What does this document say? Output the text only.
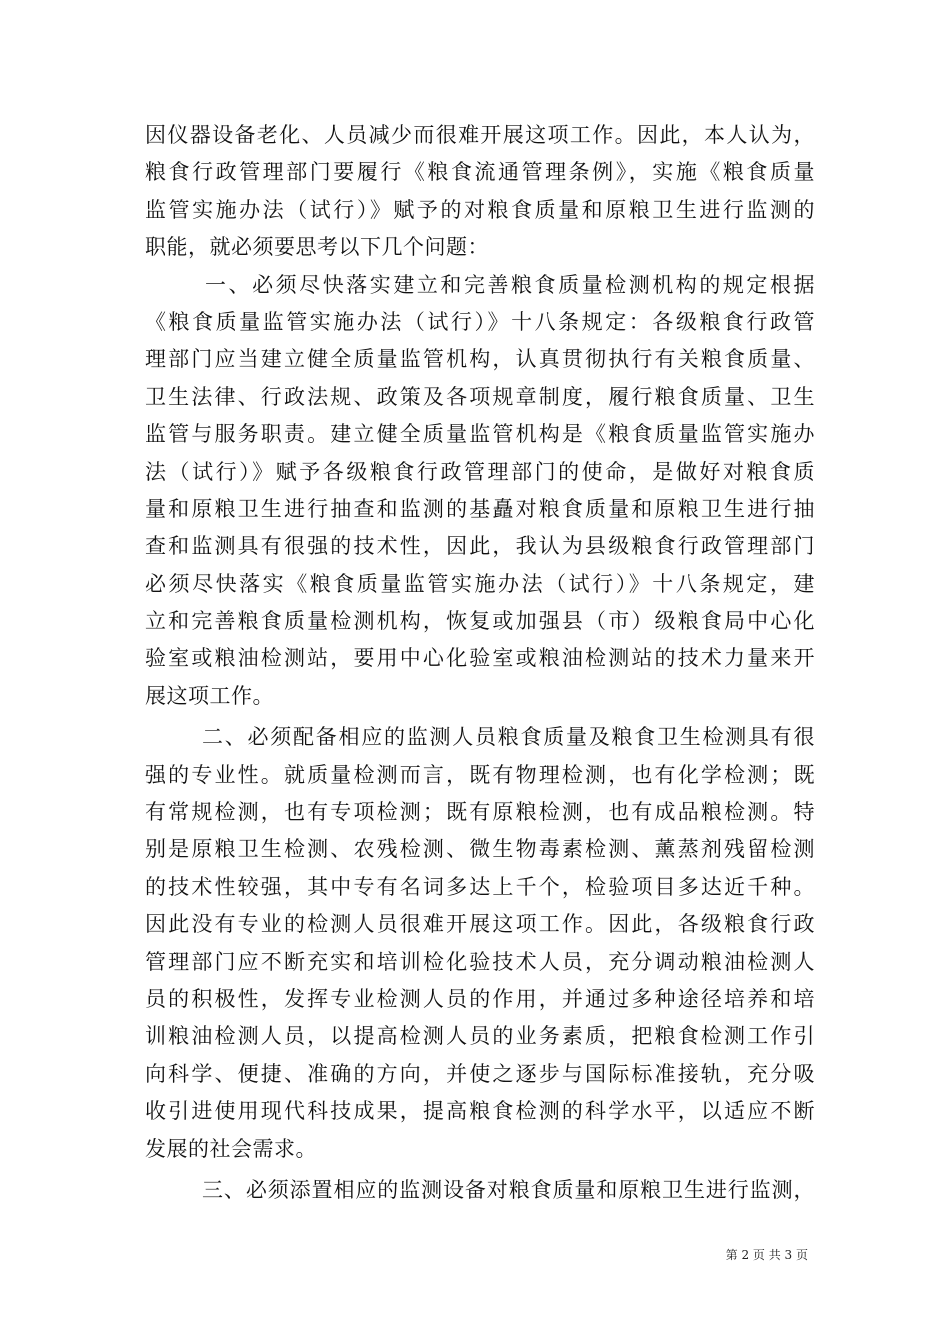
因仪器设备老化、人员减少而很难开展这项工作。因此，本人认为，
粮食行政管理部门要履行《粮食流通管理条例》，实施《粮食质量
监管实施办法（试行）》赋予的对粮食质量和原粮卫生进行监测的
职能，就必须要思考以下几个问题：
一、必须尽快落实建立和完善粮食质量检测机构的规定根据
《粮食质量监管实施办法（试行）》十八条规定：各级粮食行政管
理部门应当建立健全质量监管机构，认真贯彻执行有关粮食质量、
卫生法律、行政法规、政策及各项规章制度，履行粮食质量、卫生
监管与服务职责。建立健全质量监管机构是《粮食质量监管实施办
法（试行）》赋予各级粮食行政管理部门的使命，是做好对粮食质
量和原粮卫生进行抽查和监测的基矗对粮食质量和原粮卫生进行抽
查和监测具有很强的技术性，因此，我认为县级粮食行政管理部门
必须尽快落实《粮食质量监管实施办法（试行）》十八条规定，建
立和完善粮食质量检测机构，恢复或加强县（市）级粮食局中心化
验室或粮油检测站，要用中心化验室或粮油检测站的技术力量来开
展这项工作。
二、必须配备相应的监测人员粮食质量及粮食卫生检测具有很
强的专业性。就质量检测而言，既有物理检测，也有化学检测；既
有常规检测，也有专项检测；既有原粮检测，也有成品粮检测。特
别是原粮卫生检测、农残检测、微生物毒素检测、薰蒸剂残留检测
的技术性较强，其中专有名词多达上千个，检验项目多达近千种。
因此没有专业的检测人员很难开展这项工作。因此，各级粮食行政
管理部门应不断充实和培训检化验技术人员，充分调动粮油检测人
员的积极性，发挥专业检测人员的作用，并通过多种途径培养和培
训粮油检测人员，以提高检测人员的业务素质，把粮食检测工作引
向科学、便捷、准确的方向，并使之逐步与国际标准接轨，充分吸
收引进使用现代科技成果，提高粮食检测的科学水平，以适应不断
发展的社会需求。
三、必须添置相应的监测设备对粮食质量和原粮卫生进行监测，
第 2 页 共 3 页
